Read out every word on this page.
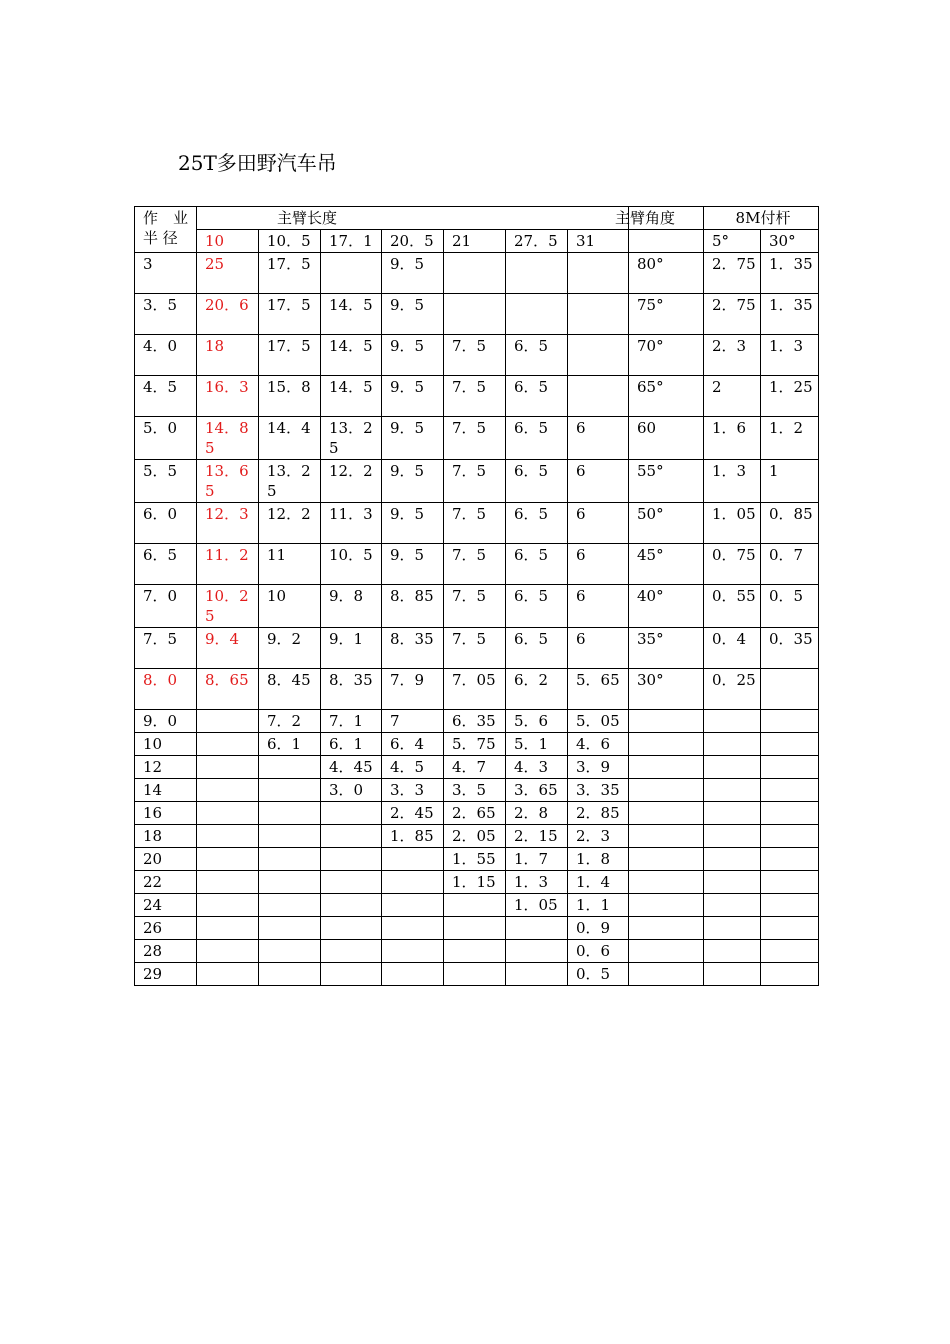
25T多田野汽车吊
作　业
半 径	主臂长度							主臂角度	8M付杆	
	10	10．5	17．1	20．5	21	27．5	31		5°	30°
3	25	17．5		9．5				80°	2．75	1．35
3．5	20．6	17．5	14．5	9．5				75°	2．75	1．35
4．0	18	17．5	14．5	9．5	7．5	6．5		70°	2．3	1．3
4．5	16．3	15．8	14．5	9．5	7．5	6．5		65°	2	1．25
5．0	14．85	14．4	13．25	9．5	7．5	6．5	6	60	1．6	1．2
5．5	13．65	13．25	12．2	9．5	7．5	6．5	6	55°	1．3	1
6．0	12．3	12．2	11．3	9．5	7．5	6．5	6	50°	1．05	0．85
6．5	11．2	11	10．5	9．5	7．5	6．5	6	45°	0．75	0．7
7．0	10．25	10	9．8	8．85	7．5	6．5	6	40°	0．55	0．5
7．5	9．4	9．2	9．1	8．35	7．5	6．5	6	35°	0．4	0．35
8．0	8．65	8．45	8．35	7．9	7．05	6．2	5．65	30°	0．25	
9．0		7．2	7．1	7	6．35	5．6	5．05			
10		6．1	6．1	6．4	5．75	5．1	4．6			
12			4．45	4．5	4．7	4．3	3．9			
14			3．0	3．3	3．5	3．65	3．35			
16				2．45	2．65	2．8	2．85			
18				1．85	2．05	2．15	2．3			
20					1．55	1．7	1．8			
22					1．15	1．3	1．4			
24						1．05	1．1			
26							0．9			
28							0．6			
29							0．5			
